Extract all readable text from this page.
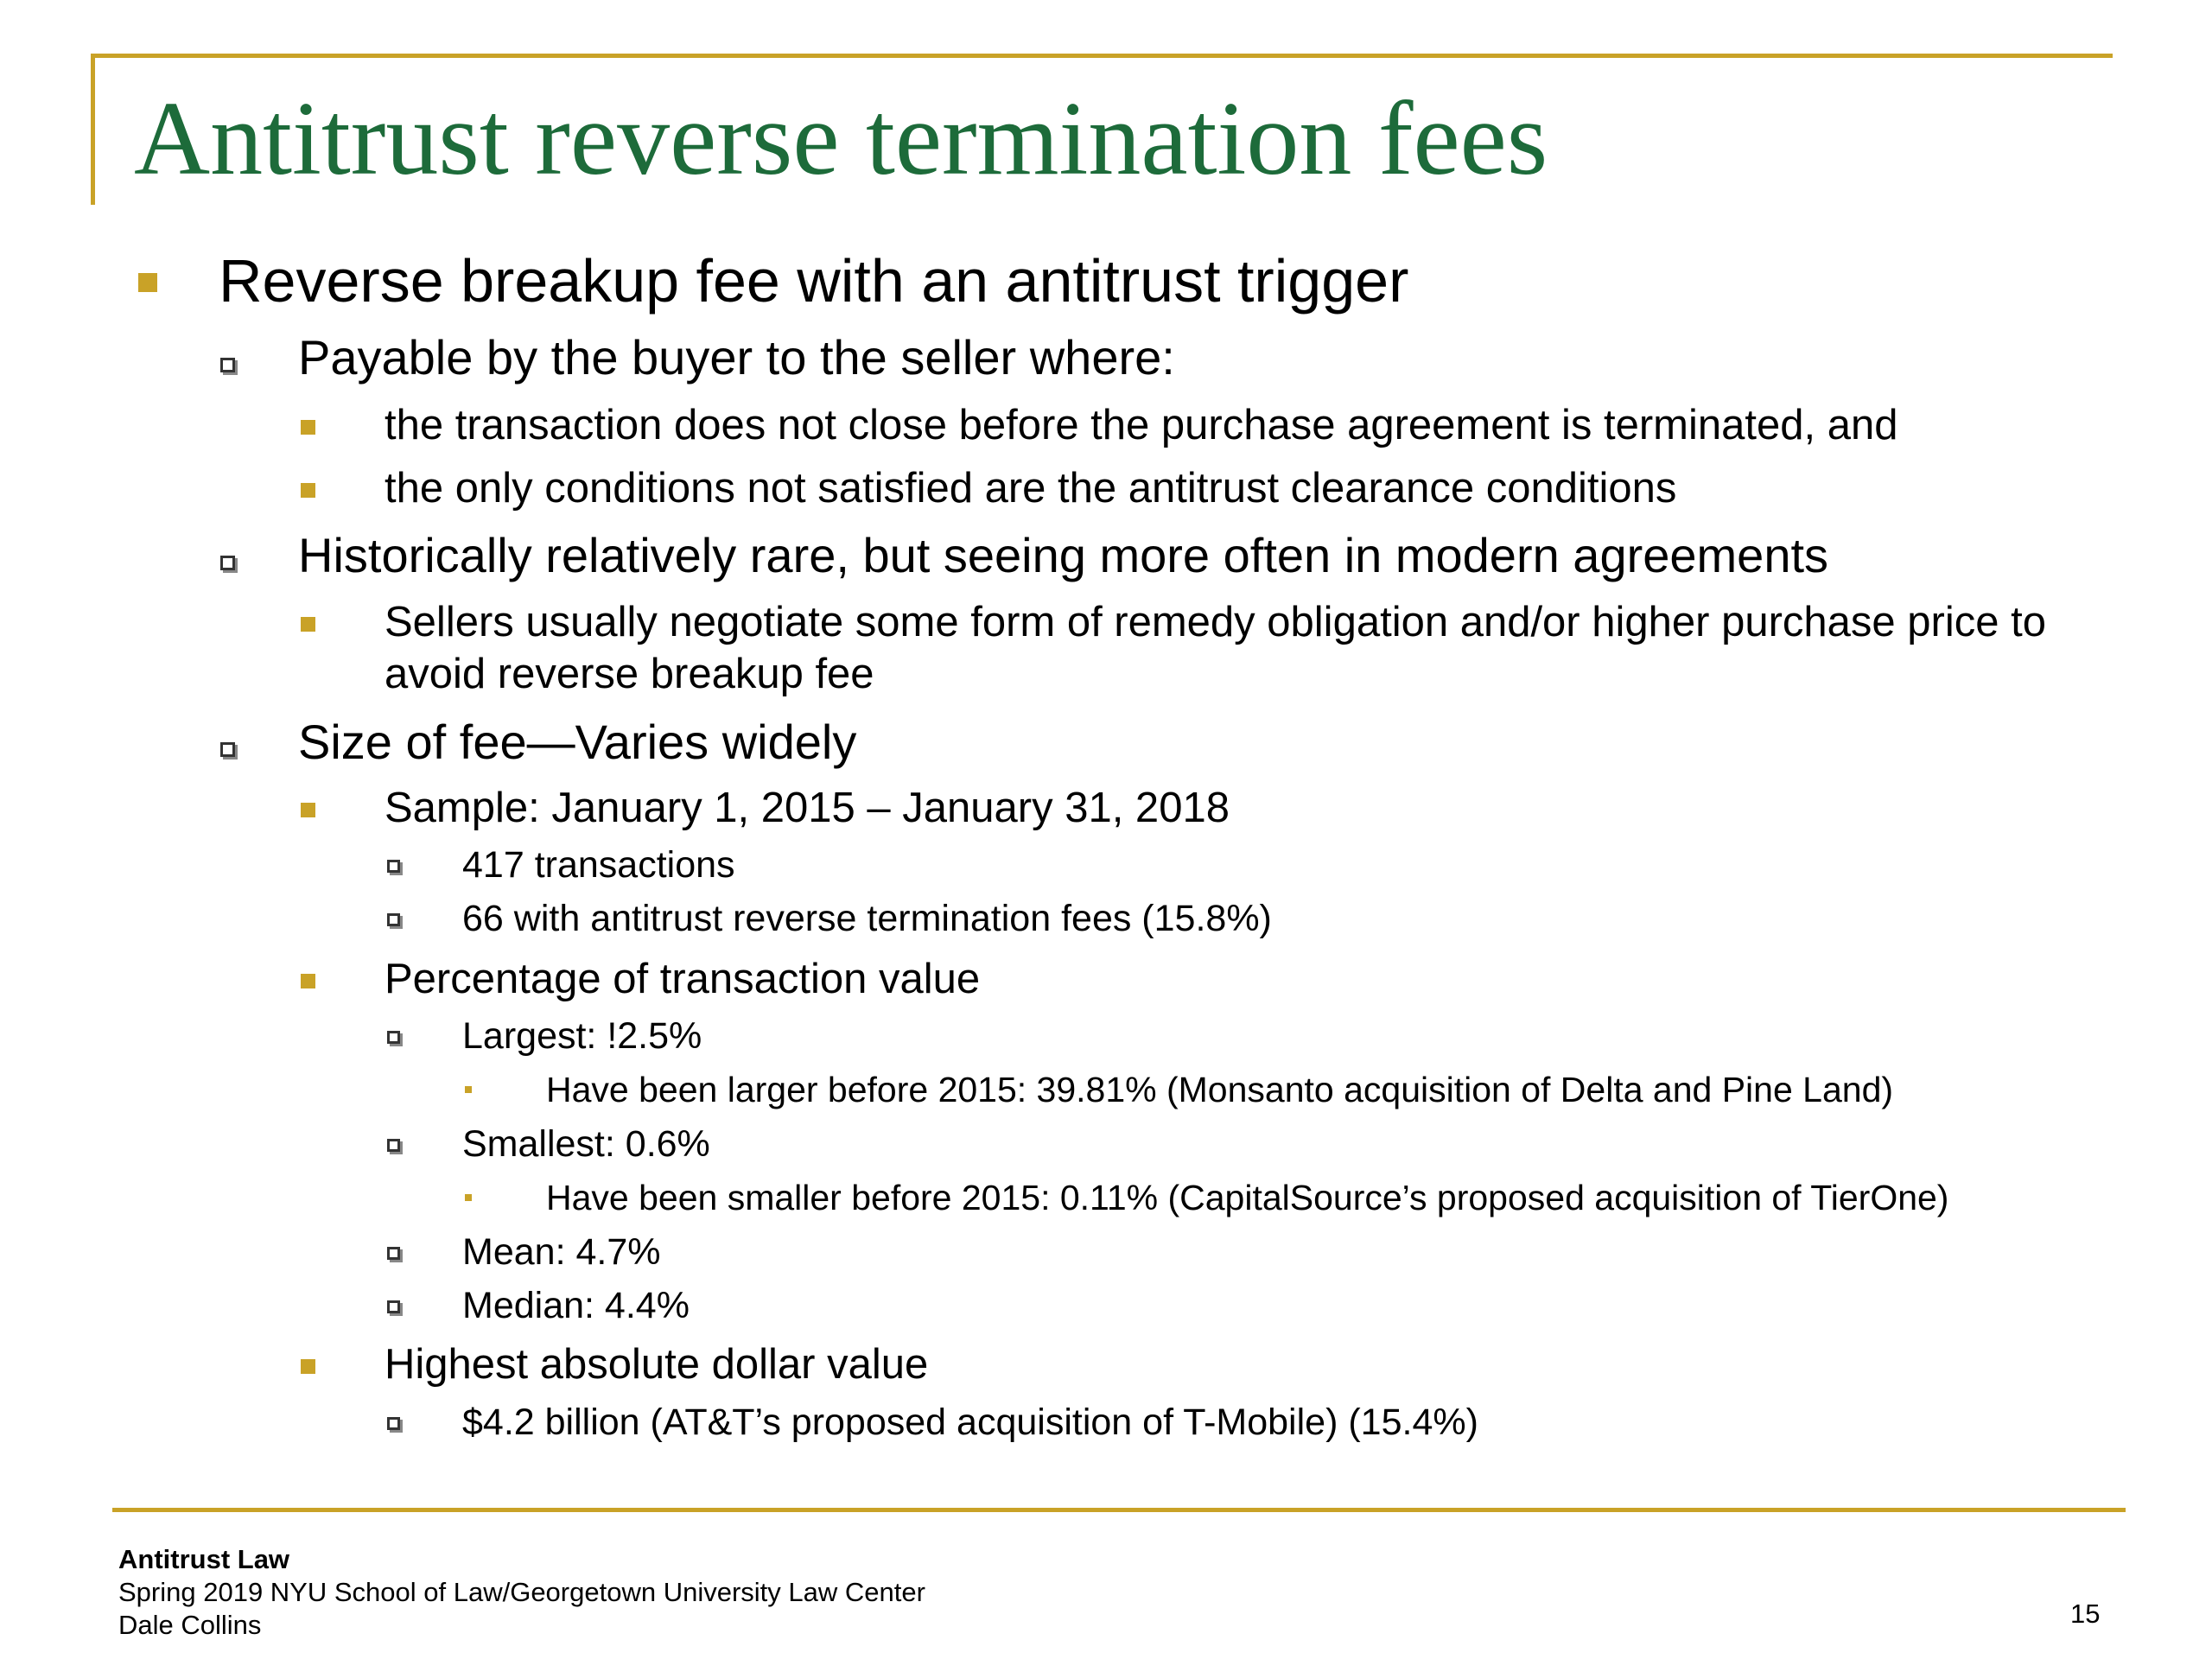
Antitrust reverse termination fees
Reverse breakup fee with an antitrust trigger
Payable by the buyer to the seller where:
the transaction does not close before the purchase agreement is terminated, and
the only conditions not satisfied are the antitrust clearance conditions
Historically relatively rare, but seeing more often in modern agreements
Sellers usually negotiate some form of remedy obligation and/or higher purchase price to
avoid reverse breakup fee
Size of fee—Varies widely
Sample: January 1, 2015 – January 31, 2018
417 transactions
66 with antitrust reverse termination fees (15.8%)
Percentage of transaction value
Largest: !2.5%
Have been larger before 2015: 39.81% (Monsanto acquisition of Delta and Pine Land)
Smallest: 0.6%
Have been smaller before 2015: 0.11% (CapitalSource’s proposed acquisition of TierOne)
Mean: 4.7%
Median: 4.4%
Highest absolute dollar value
$4.2 billion (AT&T’s proposed acquisition of T-Mobile) (15.4%)
Antitrust Law
Spring 2019 NYU School of Law/Georgetown University Law Center
Dale Collins	15
